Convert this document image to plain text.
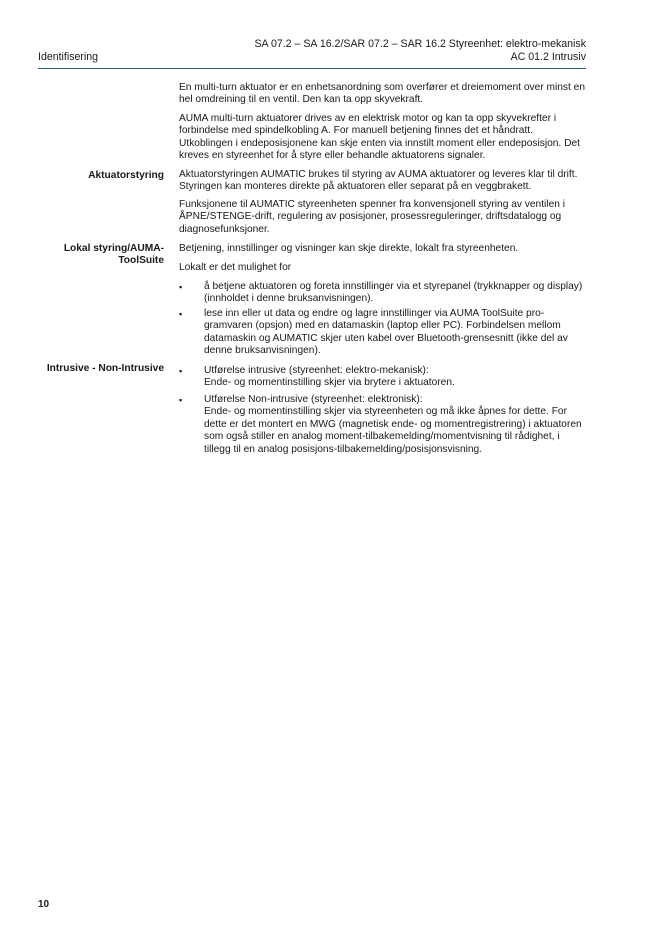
SA 07.2 – SA 16.2/SAR 07.2 – SAR 16.2 Styreenhet: elektro-mekanisk
AC 01.2 Intrusiv
Identifisering
En multi-turn aktuator er en enhetsanordning som overfører et dreiemoment over minst en hel omdreining til en ventil. Den kan ta opp skyvekraft.
AUMA multi-turn aktuatorer drives av en elektrisk motor og kan ta opp skyvekrefter i forbindelse med spindelkobling A. For manuell betjening finnes det et håndratt. Utkoblingen i endeposisjonene kan skje enten via innstilt moment eller endeposisjon. Det kreves en styreenhet for å styre eller behandle aktuatorens signaler.
Aktuatorstyring Aktuatorstyringen AUMATIC brukes til styring av AUMA aktuatorer og leveres klar til drift. Styringen kan monteres direkte på aktuatoren eller separat på en veggbrakett.
Funksjonene til AUMATIC styreenheten spenner fra konvensjonell styring av ventilen i ÅPNE/STENGE-drift, regulering av posisjoner, prosessreguleringer, driftsdatalogg og diagnosefunksjoner.
Lokal styring/AUMA-
ToolSuite
Betjening, innstillinger og visninger kan skje direkte, lokalt fra styreenheten.
Lokalt er det mulighet for
▪ å betjene aktuatoren og foreta innstillinger via et styrepanel (trykknapper og display) (innholdet i denne bruksanvisningen).
▪ lese inn eller ut data og endre og lagre innstillinger via AUMA ToolSuite pro-gramvaren (opsjon) med en datamaskin (laptop eller PC). Forbindelsen mellom datamaskin og AUMATIC skjer uten kabel over Bluetooth-grensesnitt (ikke del av denne bruksanvisningen).
Intrusive - Non-Intrusive ▪ Utførelse intrusive (styreenhet: elektro-mekanisk):
Ende- og momentinstilling skjer via brytere i aktuatoren.
▪ Utførelse Non-intrusive (styreenhet: elektronisk):
Ende- og momentinstilling skjer via styreenheten og må ikke åpnes for dette. For dette er det montert en MWG (magnetisk ende- og momentregistrering) i aktuatoren som også stiller en analog moment-tilbakemelding/momentvisning til rådighet, i tillegg til en analog posisjons-tilbakemelding/posisjonsvisning.
10
